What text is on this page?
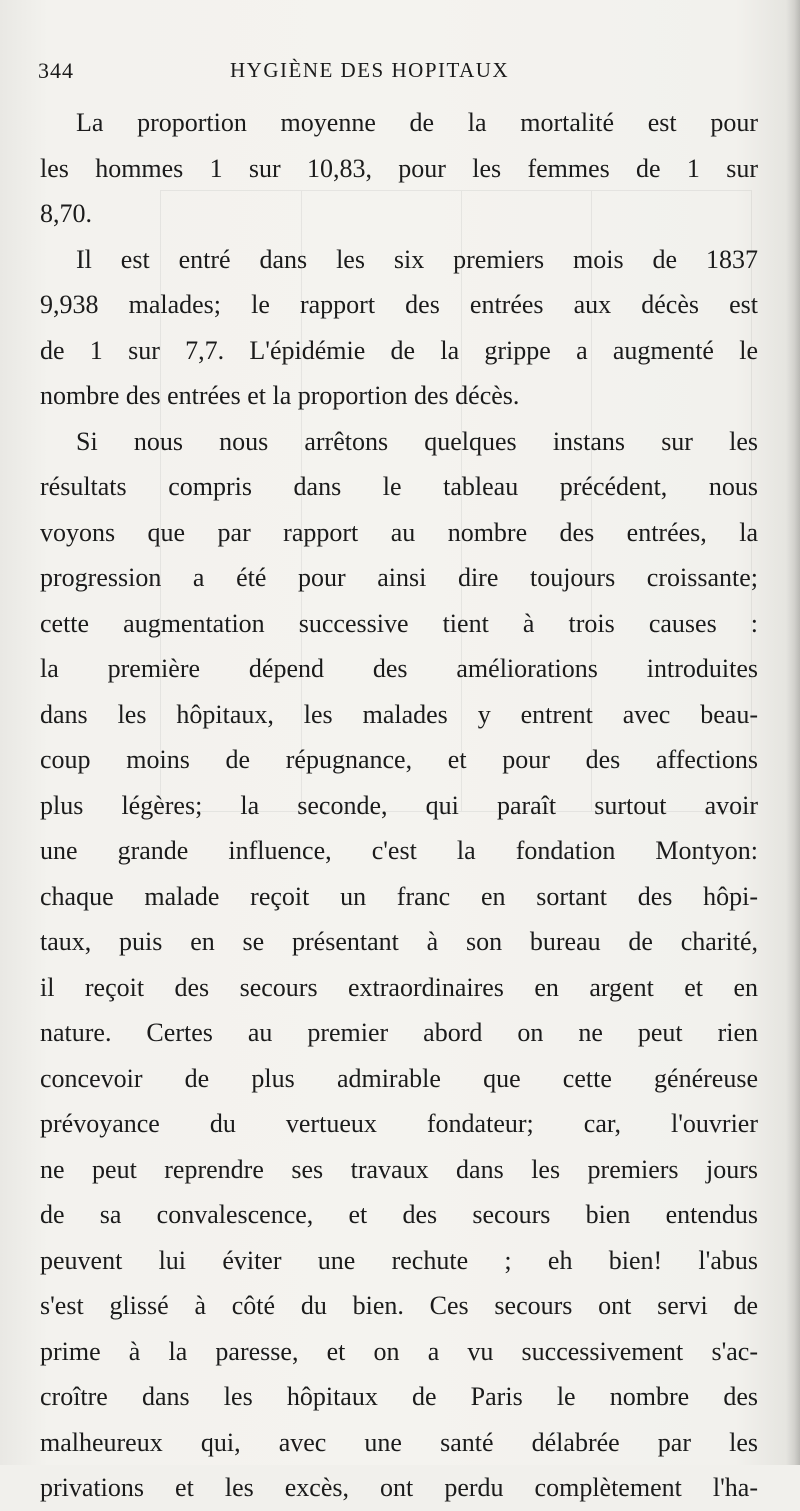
344	HYGIÈNE DES HOPITAUX
La proportion moyenne de la mortalité est pour
les hommes 1 sur 10,83, pour les femmes de 1 sur
8,70.
Il est entré dans les six premiers mois de 1837
9,938 malades; le rapport des entrées aux décès est
de 1 sur 7,7. L'épidémie de la grippe a augmenté le
nombre des entrées et la proportion des décès.
Si nous nous arrêtons quelques instans sur les
résultats compris dans le tableau précédent, nous
voyons que par rapport au nombre des entrées, la
progression a été pour ainsi dire toujours croissante;
cette augmentation successive tient à trois causes :
la première dépend des améliorations introduites
dans les hôpitaux, les malades y entrent avec beau-
coup moins de répugnance, et pour des affections
plus légères; la seconde, qui paraît surtout avoir
une grande influence, c'est la fondation Montyon:
chaque malade reçoit un franc en sortant des hôpi-
taux, puis en se présentant à son bureau de charité,
il reçoit des secours extraordinaires en argent et en
nature. Certes au premier abord on ne peut rien
concevoir de plus admirable que cette généreuse
prévoyance du vertueux fondateur; car, l'ouvrier
ne peut reprendre ses travaux dans les premiers jours
de sa convalescence, et des secours bien entendus
peuvent lui éviter une rechute ; eh bien! l'abus
s'est glissé à côté du bien. Ces secours ont servi de
prime à la paresse, et on a vu successivement s'ac-
croître dans les hôpitaux de Paris le nombre des
malheureux qui, avec une santé délabrée par les
privations et les excès, ont perdu complètement l'ha-
